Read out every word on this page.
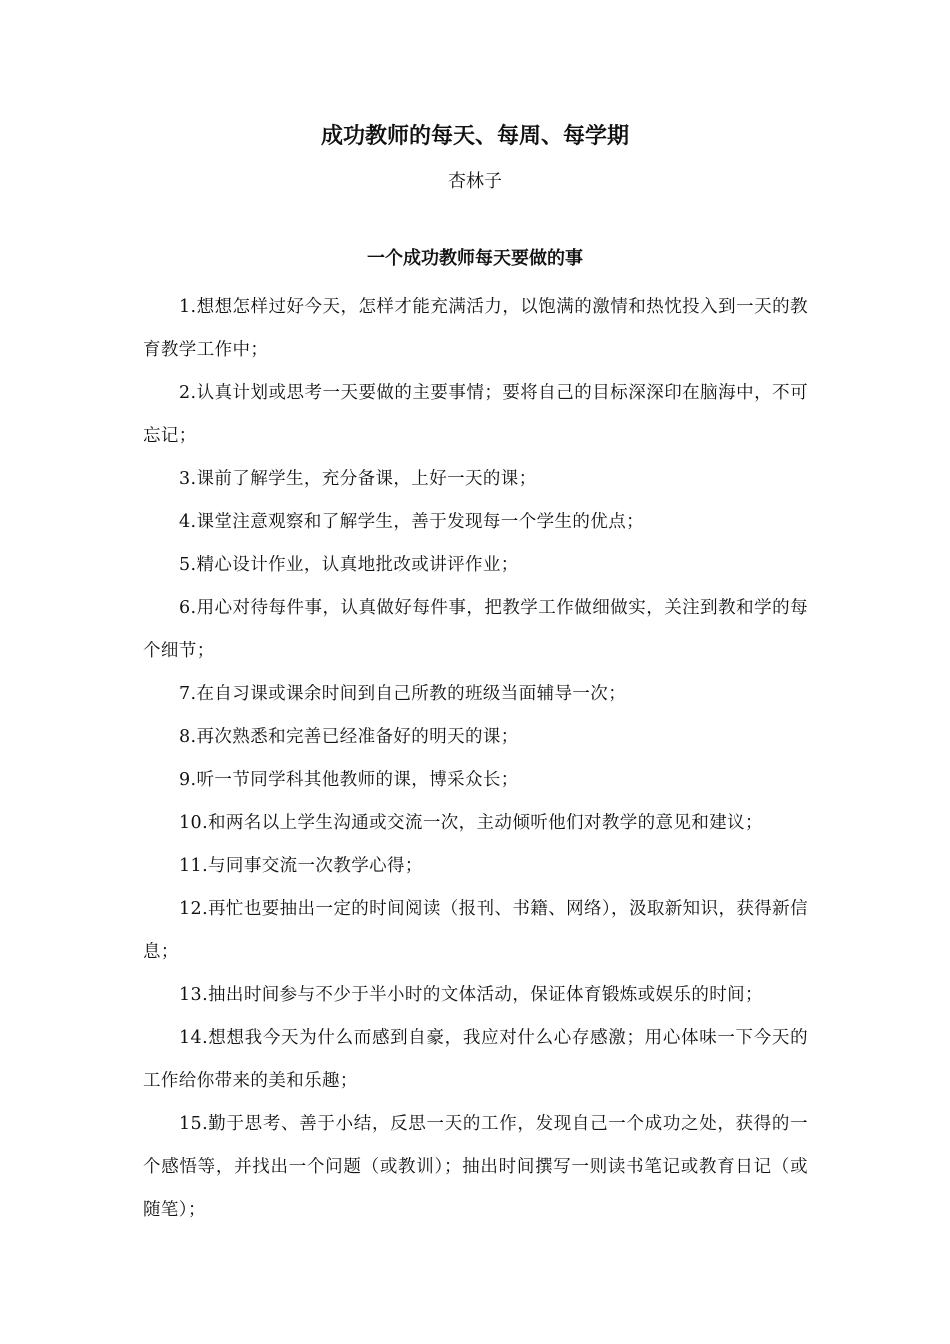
成功教师的每天、每周、每学期

杏林子

一个成功教师每天要做的事
1.想想怎样过好今天，怎样才能充满活力，以饱满的激情和热忱投入到一天的教育教学工作中；
2.认真计划或思考一天要做的主要事情；要将自己的目标深深印在脑海中，不可忘记；
3.课前了解学生，充分备课，上好一天的课；
4.课堂注意观察和了解学生，善于发现每一个学生的优点；
5.精心设计作业，认真地批改或讲评作业；
6.用心对待每件事，认真做好每件事，把教学工作做细做实，关注到教和学的每个细节；
7.在自习课或课余时间到自己所教的班级当面辅导一次；
8.再次熟悉和完善已经准备好的明天的课；
9.听一节同学科其他教师的课，博采众长；
10.和两名以上学生沟通或交流一次，主动倾听他们对教学的意见和建议；
11.与同事交流一次教学心得；
12.再忙也要抽出一定的时间阅读（报刊、书籍、网络），汲取新知识，获得新信息；
13.抽出时间参与不少于半小时的文体活动，保证体育锻炼或娱乐的时间；
14.想想我今天为什么而感到自豪，我应对什么心存感激；用心体味一下今天的工作给你带来的美和乐趣；
15.勤于思考、善于小结，反思一天的工作，发现自己一个成功之处，获得的一个感悟等，并找出一个问题（或教训）；抽出时间撰写一则读书笔记或教育日记（或随笔）；
